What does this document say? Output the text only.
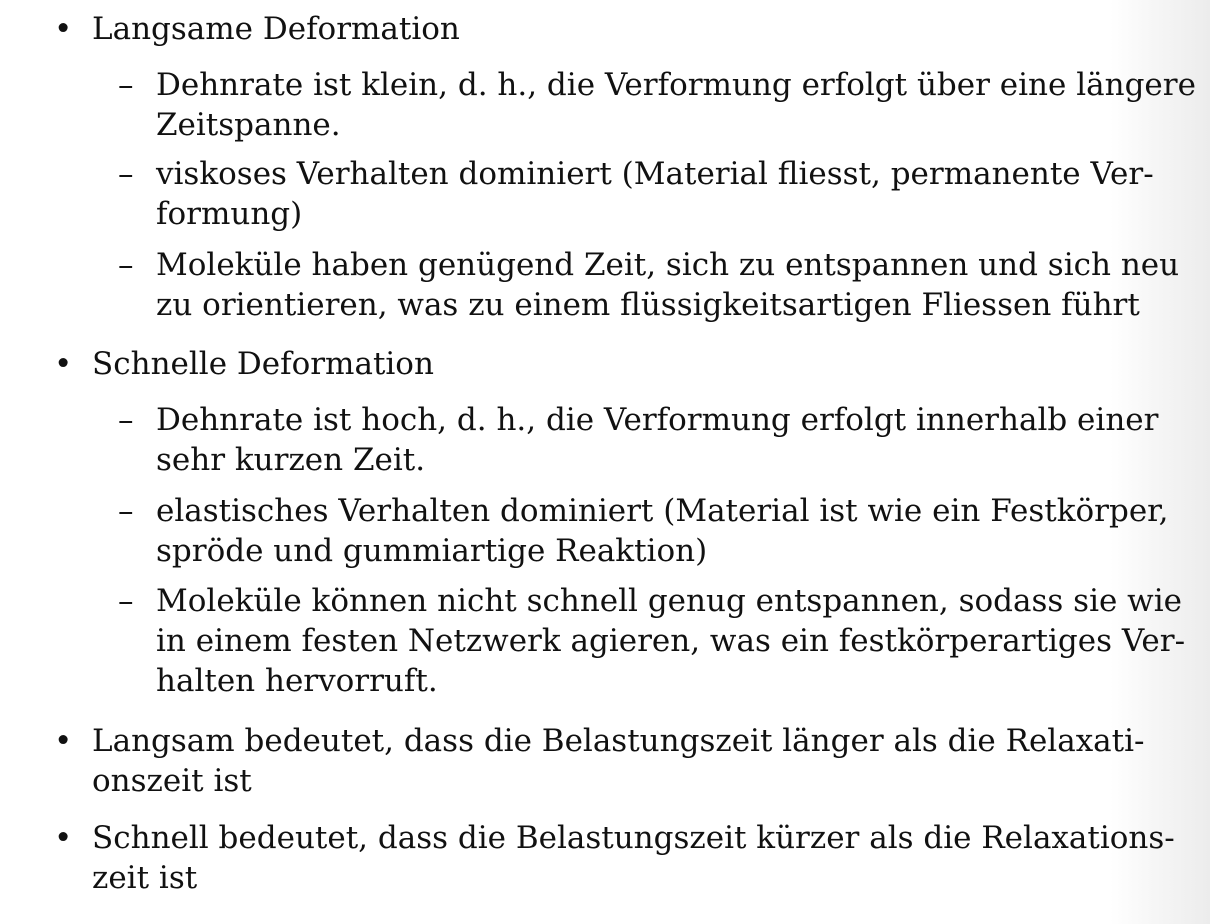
• Langsame Deformation
– Dehnrate ist klein, d. h., die Verformung erfolgt über eine längere
Zeitspanne.
– viskoses Verhalten dominiert (Material fliesst, permanente Ver-
formung)
– Moleküle haben genügend Zeit, sich zu entspannen und sich neu
zu orientieren, was zu einem flüssigkeitsartigen Fliessen führt
• Schnelle Deformation
– Dehnrate ist hoch, d. h., die Verformung erfolgt innerhalb einer
sehr kurzen Zeit.
– elastisches Verhalten dominiert (Material ist wie ein Festkörper,
spröde und gummiartige Reaktion)
– Moleküle können nicht schnell genug entspannen, sodass sie wie
in einem festen Netzwerk agieren, was ein festkörperartiges Ver-
halten hervorruft.
• Langsam bedeutet, dass die Belastungszeit länger als die Relaxati-
onszeit ist
• Schnell bedeutet, dass die Belastungszeit kürzer als die Relaxations-
zeit ist
